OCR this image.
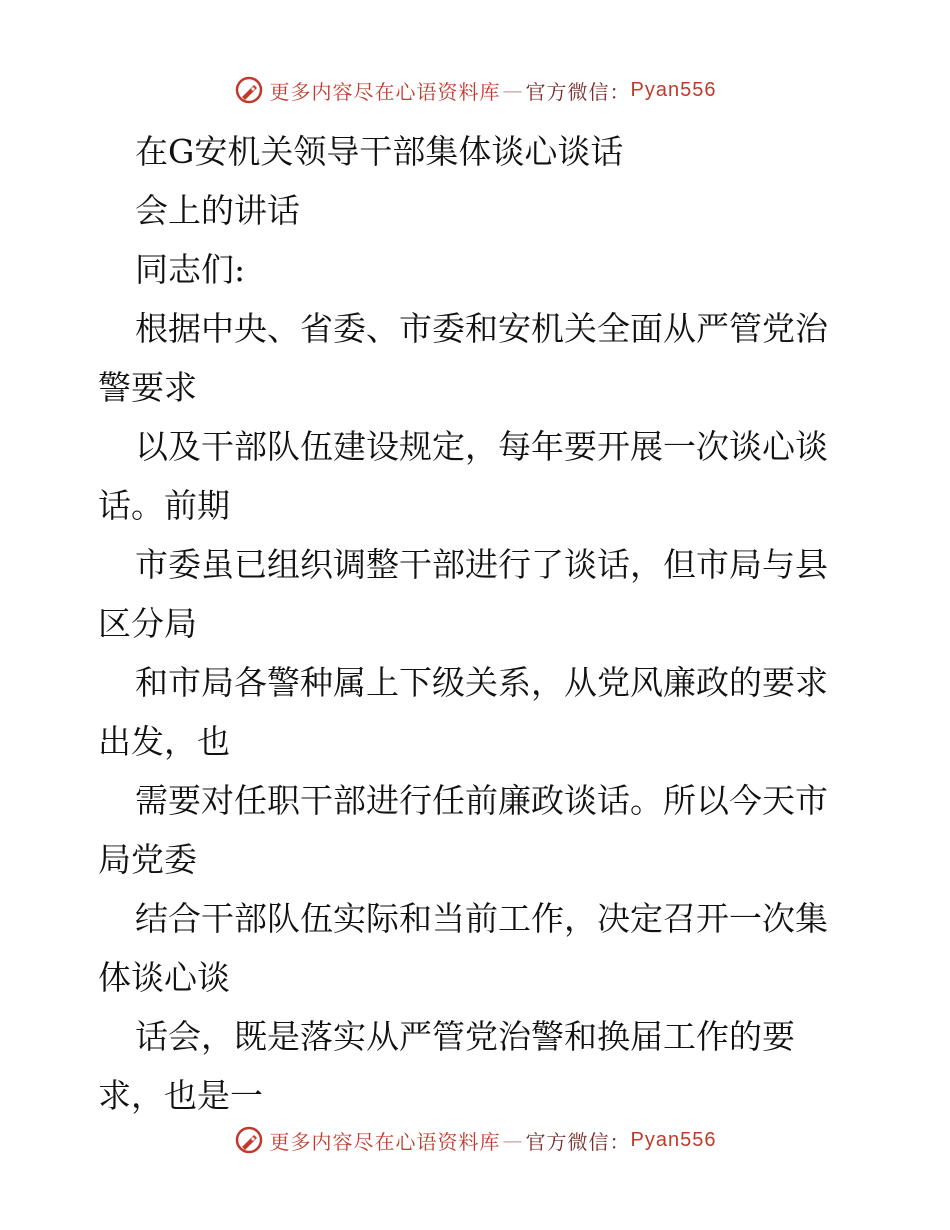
更多内容尽在心语资料库 — 官方微信： Pyan556

在G安机关领导干部集体谈心谈话

会上的讲话

同志们:

根据中央、省委、市委和安机关全面从严管党治警要求

以及干部队伍建设规定，每年要开展一次谈心谈话。前期

市委虽已组织调整干部进行了谈话，但市局与县区分局

和市局各警种属上下级关系，从党风廉政的要求出发，也

需要对任职干部进行任前廉政谈话。所以今天市局党委

结合干部队伍实际和当前工作，决定召开一次集体谈心谈

话会，既是落实从严管党治警和换届工作的要求，也是一

更多内容尽在心语资料库 — 官方微信： Pyan556
